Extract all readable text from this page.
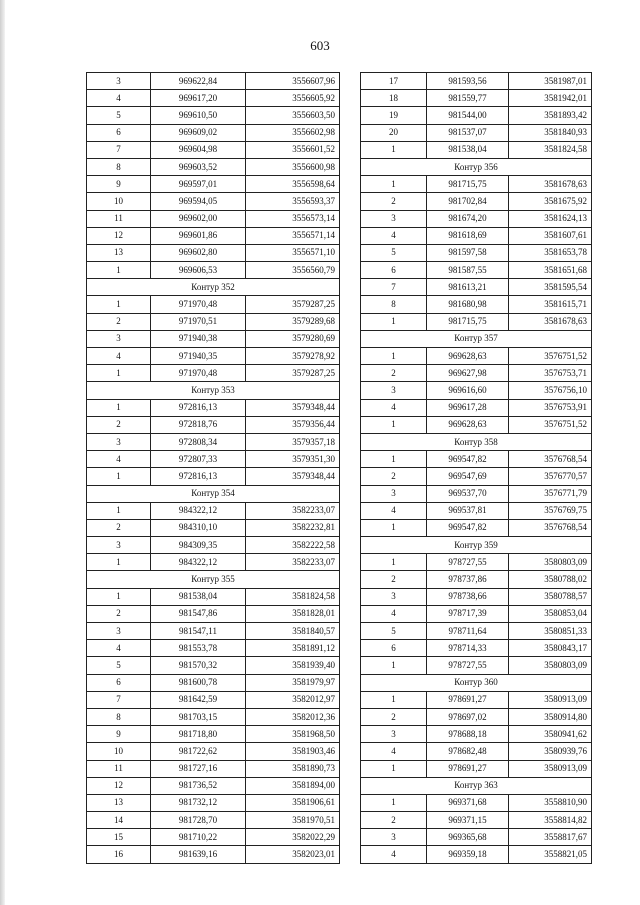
603
3	969622,84	3556607,96
4	969617,20	3556605,92
5	969610,50	3556603,50
6	969609,02	3556602,98
7	969604,98	3556601,52
8	969603,52	3556600,98
9	969597,01	3556598,64
10	969594,05	3556593,37
11	969602,00	3556573,14
12	969601,86	3556571,14
13	969602,80	3556571,10
1	969606,53	3556560,79
Контур 352		
1	971970,48	3579287,25
2	971970,51	3579289,68
3	971940,38	3579280,69
4	971940,35	3579278,92
1	971970,48	3579287,25
Контур 353		
1	972816,13	3579348,44
2	972818,76	3579356,44
3	972808,34	3579357,18
4	972807,33	3579351,30
1	972816,13	3579348,44
Контур 354		
1	984322,12	3582233,07
2	984310,10	3582232,81
3	984309,35	3582222,58
1	984322,12	3582233,07
Контур 355		
1	981538,04	3581824,58
2	981547,86	3581828,01
3	981547,11	3581840,57
4	981553,78	3581891,12
5	981570,32	3581939,40
6	981600,78	3581979,97
7	981642,59	3582012,97
8	981703,15	3582012,36
9	981718,80	3581968,50
10	981722,62	3581903,46
11	981727,16	3581890,73
12	981736,52	3581894,00
13	981732,12	3581906,61
14	981728,70	3581970,51
15	981710,22	3582022,29
16	981639,16	3582023,01
17	981593,56	3581987,01
18	981559,77	3581942,01
19	981544,00	3581893,42
20	981537,07	3581840,93
1	981538,04	3581824,58
Контур 356		
1	981715,75	3581678,63
2	981702,84	3581675,92
3	981674,20	3581624,13
4	981618,69	3581607,61
5	981597,58	3581653,78
6	981587,55	3581651,68
7	981613,21	3581595,54
8	981680,98	3581615,71
1	981715,75	3581678,63
Контур 357		
1	969628,63	3576751,52
2	969627,98	3576753,71
3	969616,60	3576756,10
4	969617,28	3576753,91
1	969628,63	3576751,52
Контур 358		
1	969547,82	3576768,54
2	969547,69	3576770,57
3	969537,70	3576771,79
4	969537,81	3576769,75
1	969547,82	3576768,54
Контур 359		
1	978727,55	3580803,09
2	978737,86	3580788,02
3	978738,66	3580788,57
4	978717,39	3580853,04
5	978711,64	3580851,33
6	978714,33	3580843,17
1	978727,55	3580803,09
Контур 360		
1	978691,27	3580913,09
2	978697,02	3580914,80
3	978688,18	3580941,62
4	978682,48	3580939,76
1	978691,27	3580913,09
Контур 363		
1	969371,68	3558810,90
2	969371,15	3558814,82
3	969365,68	3558817,67
4	969359,18	3558821,05
